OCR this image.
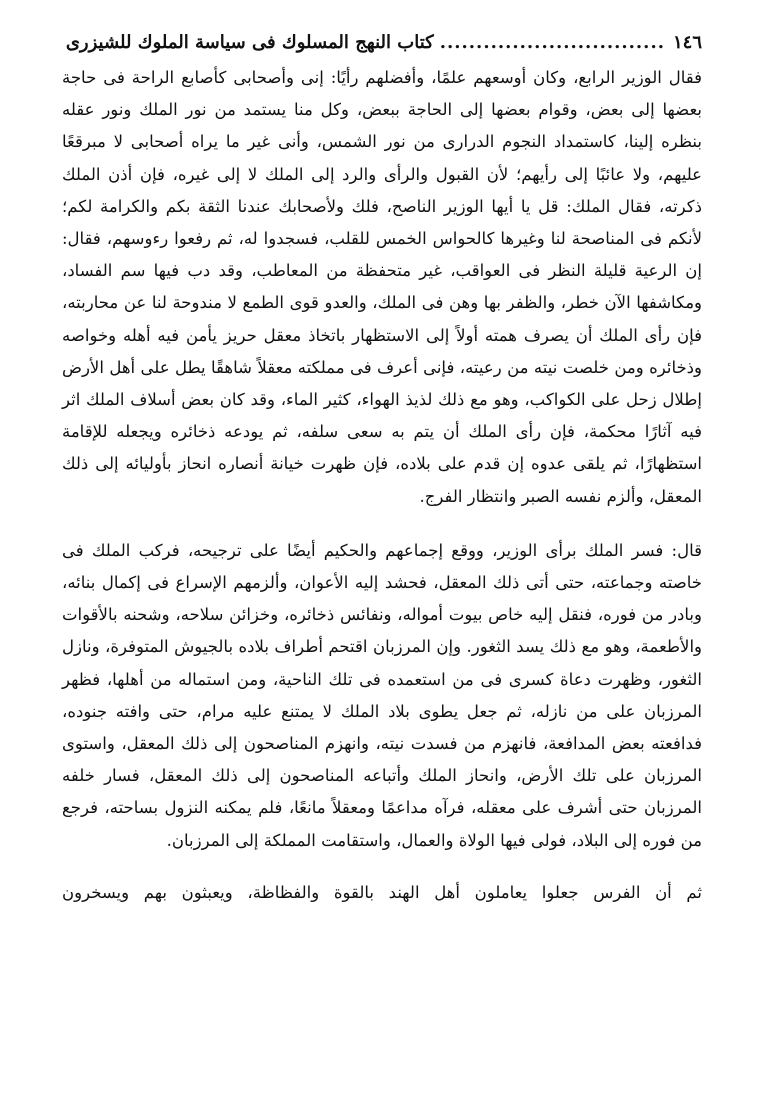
١٤٦
...............................
كتاب النهج المسلوك فى سياسة الملوك للشيزرى

فقال الوزير الرابع، وكان أوسعهم علمًا، وأفضلهم رأيًا: إنى وأصحابى كأصابع الراحة فى حاجة بعضها إلى بعض، وقوام بعضها إلى الحاجة ببعض، وكل منا يستمد من نور الملك ونور عقله بنظره إلينا، كاستمداد النجوم الدرارى من نور الشمس، وأنى غير ما يراه أصحابى لا مبرقعًا عليهم، ولا عائبًا إلى رأيهم؛ لأن القبول والرأى والرد إلى الملك لا إلى غيره، فإن أذن الملك ذكرته، فقال الملك: قل يا أيها الوزير الناصح، فلك ولأصحابك عندنا الثقة بكم والكرامة لكم؛ لأنكم فى المناصحة لنا وغيرها كالحواس الخمس للقلب، فسجدوا له، ثم رفعوا رءوسهم، فقال: إن الرعية قليلة النظر فى العواقب، غير متحفظة من المعاطب، وقد دب فيها سم الفساد، ومكاشفها الآن خطر، والظفر بها وهن فى الملك، والعدو قوى الطمع لا مندوحة لنا عن محاربته، فإن رأى الملك أن يصرف همته أولاً إلى الاستظهار باتخاذ معقل حريز يأمن فيه أهله وخواصه وذخائره ومن خلصت نيته من رعيته، فإنى أعرف فى مملكته معقلاً شاهقًا يطل على أهل الأرض إطلال زحل على الكواكب، وهو مع ذلك لذيذ الهواء، كثير الماء، وقد كان بعض أسلاف الملك اثر فيه آثارًا محكمة، فإن رأى الملك أن يتم به سعى سلفه، ثم يودعه ذخائره ويجعله للإقامة استظهارًا، ثم يلقى عدوه إن قدم على بلاده، فإن ظهرت خيانة أنصاره انحاز بأوليائه إلى ذلك المعقل، وألزم نفسه الصبر وانتظار الفرج.

قال: فسر الملك برأى الوزير، ووقع إجماعهم والحكيم أيضًا على ترجيحه، فركب الملك فى خاصته وجماعته، حتى أتى ذلك المعقل، فحشد إليه الأعوان، وألزمهم الإسراع فى إكمال بنائه، وبادر من فوره، فنقل إليه خاص بيوت أمواله، ونفائس ذخائره، وخزائن سلاحه، وشحنه بالأقوات والأطعمة، وهو مع ذلك يسد الثغور. وإن المرزبان اقتحم أطراف بلاده بالجيوش المتوفرة، ونازل الثغور، وظهرت دعاة كسرى فى من استعمده فى تلك الناحية، ومن استماله من أهلها، فظهر المرزبان على من نازله، ثم جعل يطوى بلاد الملك لا يمتنع عليه مرام، حتى وافته جنوده، فدافعته بعض المدافعة، فانهزم من فسدت نيته، وانهزم المناصحون إلى ذلك المعقل، واستوى المرزبان على تلك الأرض، وانحاز الملك وأتباعه المناصحون إلى ذلك المعقل، فسار خلفه المرزبان حتى أشرف على معقله، فرآه مداعمًا ومعقلاً مانعًا، فلم يمكنه النزول بساحته، فرجع من فوره إلى البلاد، فولى فيها الولاة والعمال، واستقامت المملكة إلى المرزبان.

ثم أن الفرس جعلوا يعاملون أهل الهند بالقوة والفظاظة، ويعبثون بهم ويسخرون
